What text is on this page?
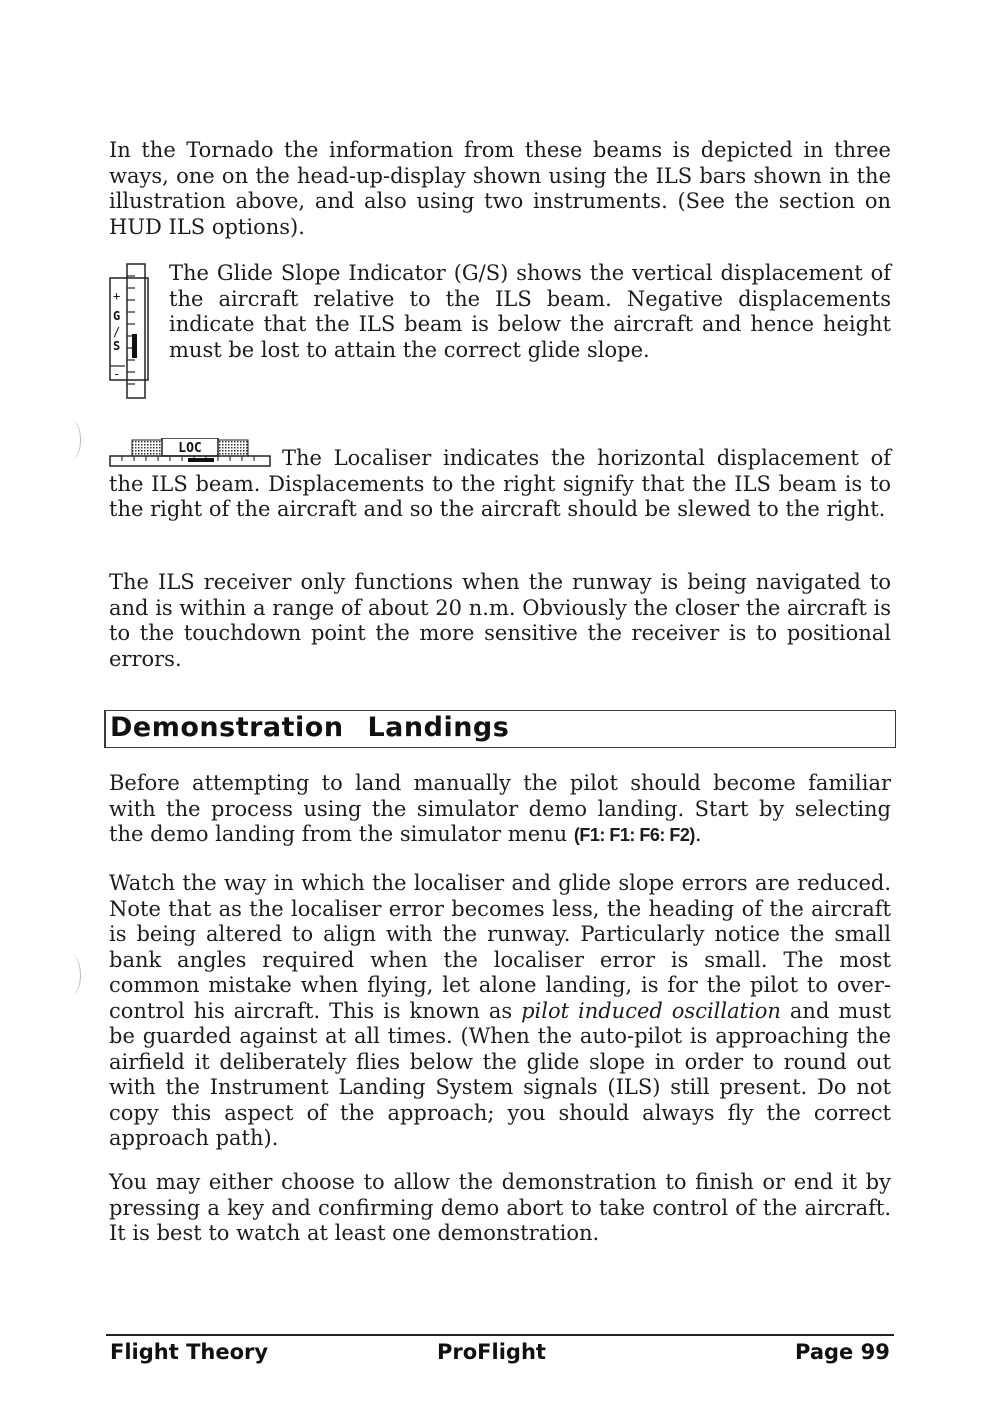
In the Tornado the information from these beams is depicted in three ways, one on the head-up-display shown using the ILS bars shown in the illustration above, and also using two instruments. (See the section on HUD ILS options).

+
G
/
S
-

The Glide Slope Indicator (G/S) shows the vertical displacement of the aircraft relative to the ILS beam. Negative displacements indicate that the ILS beam is below the aircraft and hence height must be lost to attain the correct glide slope.

LOC	The Localiser indicates the horizontal displacement of the ILS beam. Displacements to the right signify that the ILS beam is to the right of the aircraft and so the aircraft should be slewed to the right.

The ILS receiver only functions when the runway is being navigated to and is within a range of about 20 n.m. Obviously the closer the aircraft is to the touchdown point the more sensitive the receiver is to positional errors.

Demonstration Landings

Before attempting to land manually the pilot should become familiar with the process using the simulator demo landing. Start by selecting the demo landing from the simulator menu (F1: F1: F6: F2).

Watch the way in which the localiser and glide slope errors are reduced. Note that as the localiser error becomes less, the heading of the aircraft is being altered to align with the runway. Particularly notice the small bank angles required when the localiser error is small. The most common mistake when flying, let alone landing, is for the pilot to over-control his aircraft. This is known as pilot induced oscillation and must be guarded against at all times. (When the auto-pilot is approaching the airfield it deliberately flies below the glide slope in order to round out with the Instrument Landing System signals (ILS) still present. Do not copy this aspect of the approach; you should always fly the correct approach path).

You may either choose to allow the demonstration to finish or end it by pressing a key and confirming demo abort to take control of the aircraft. It is best to watch at least one demonstration.

Flight Theory	ProFlight	Page 99
